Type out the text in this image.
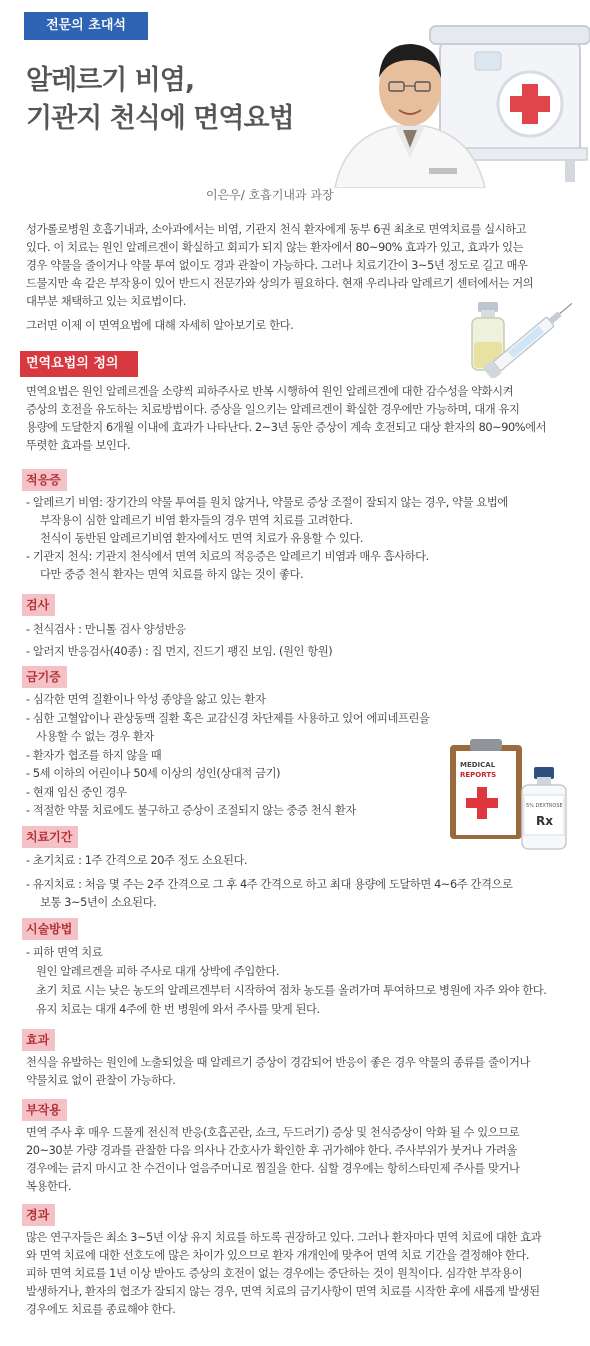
전문의 초대석
알레르기 비염,
기관지 천식에 면역요법
이은우/ 호흡기내과 과장

성가롤로병원 호흡기내과, 소아과에서는 비염, 기관지 천식 환자에게 동부 6권 최초로 면역치료를 실시하고

있다. 이 치료는 원인 알레르겐이 확실하고 회피가 되지 않는 환자에서 80~90% 효과가 있고, 효과가 있는

경우 약물을 줄이거나 약물 투여 없이도 경과 관찰이 가능하다. 그러나 치료기간이 3~5년 정도로 길고 매우

드물지만 쇽 같은 부작용이 있어 반드시 전문가와 상의가 필요하다. 현재 우리나라 알레르기 센터에서는 거의

대부분 채택하고 있는 치료법이다.

그러면 이제 이 면역요법에 대해 자세히 알아보기로 한다.

면역요법의 정의

면역요법은 원인 알레르겐을 소량씩 피하주사로 반복 시행하여 원인 알레르겐에 대한 감수성을 약화시켜

증상의 호전을 유도하는 치료방법이다. 증상을 일으키는 알레르겐이 확실한 경우에만 가능하며, 대개 유지

용량에 도달한지 6개월 이내에 효과가 나타난다. 2~3년 동안 증상이 계속 호전되고 대상 환자의 80~90%에서

뚜렷한 효과를 보인다.

적응증

- 알레르기 비염: 장기간의 약물 투여를 원치 않거나, 약물로 증상 조절이 잘되지 않는 경우, 약물 요법에

부작용이 심한 알레르기 비염 환자들의 경우 면역 치료를 고려한다.

천식이 동반된 알레르기비염 환자에서도 면역 치료가 유용할 수 있다.

- 기관지 천식: 기관지 천식에서 면역 치료의 적응증은 알레르기 비염과 매우 흡사하다.

다만 중증 천식 환자는 면역 치료를 하지 않는 것이 좋다.

검사

- 천식검사 : 만니톨 검사 양성반응

- 알러지 반응검사(40종) : 집 먼지, 진드기 팽진 보임. (원인 항원)

금기증

- 심각한 면역 질환이나 악성 종양을 앓고 있는 환자

- 심한 고혈압이나 관상동맥 질환 혹은 교감신경 차단제를 사용하고 있어 에피네프린을

사용할 수 없는 경우 환자

- 환자가 협조를 하지 않을 때

- 5세 이하의 어린이나 50세 이상의 성인(상대적 금기)

- 현재 임신 중인 경우

- 적절한 약물 치료에도 불구하고 증상이 조절되지 않는 중증 천식 환자

MEDICAL
REPORTS
5% DEXTROSE
Rx
치료기간

- 초기치료 : 1주 간격으로 20주 정도 소요된다.

- 유지치료 : 처음 몇 주는 2주 간격으로 그 후 4주 간격으로 하고 최대 용량에 도달하면 4~6주 간격으로

보통 3~5년이 소요된다.

시술방법

- 피하 면역 치료

원인 알레르겐을 피하 주사로 대개 상박에 주입한다.

초기 치료 시는 낮은 농도의 알레르겐부터 시작하여 점차 농도를 올려가며 투여하므로 병원에 자주 와야 한다.

유지 치료는 대개 4주에 한 번 병원에 와서 주사를 맞게 된다.

효과

천식을 유발하는 원인에 노출되었을 때 알레르기 증상이 경감되어 반응이 좋은 경우 약물의 종류를 줄이거나

약물치료 없이 관찰이 가능하다.

부작용

면역 주사 후 매우 드물게 전신적 반응(호흡곤란, 쇼크, 두드러기) 증상 및 천식증상이 악화 될 수 있으므로

20~30분 가량 경과를 관찰한 다음 의사나 간호사가 확인한 후 귀가해야 한다. 주사부위가 붓거나 가려울

경우에는 긁지 마시고 찬 수건이나 얼음주머니로 찜질을 한다. 심할 경우에는 항히스타민제 주사를 맞거나

복용한다.

경과

많은 연구자들은 최소 3~5년 이상 유지 치료를 하도록 권장하고 있다. 그러나 환자마다 면역 치료에 대한 효과

와 면역 치료에 대한 선호도에 많은 차이가 있으므로 환자 개개인에 맞추어 면역 치료 기간을 결정해야 한다.

피하 면역 치료를 1년 이상 받아도 증상의 호전이 없는 경우에는 중단하는 것이 원칙이다. 심각한 부작용이

발생하거나, 환자의 협조가 잘되지 않는 경우, 면역 치료의 금기사항이 면역 치료를 시작한 후에 새롭게 발생된

경우에도 치료를 종료해야 한다.
